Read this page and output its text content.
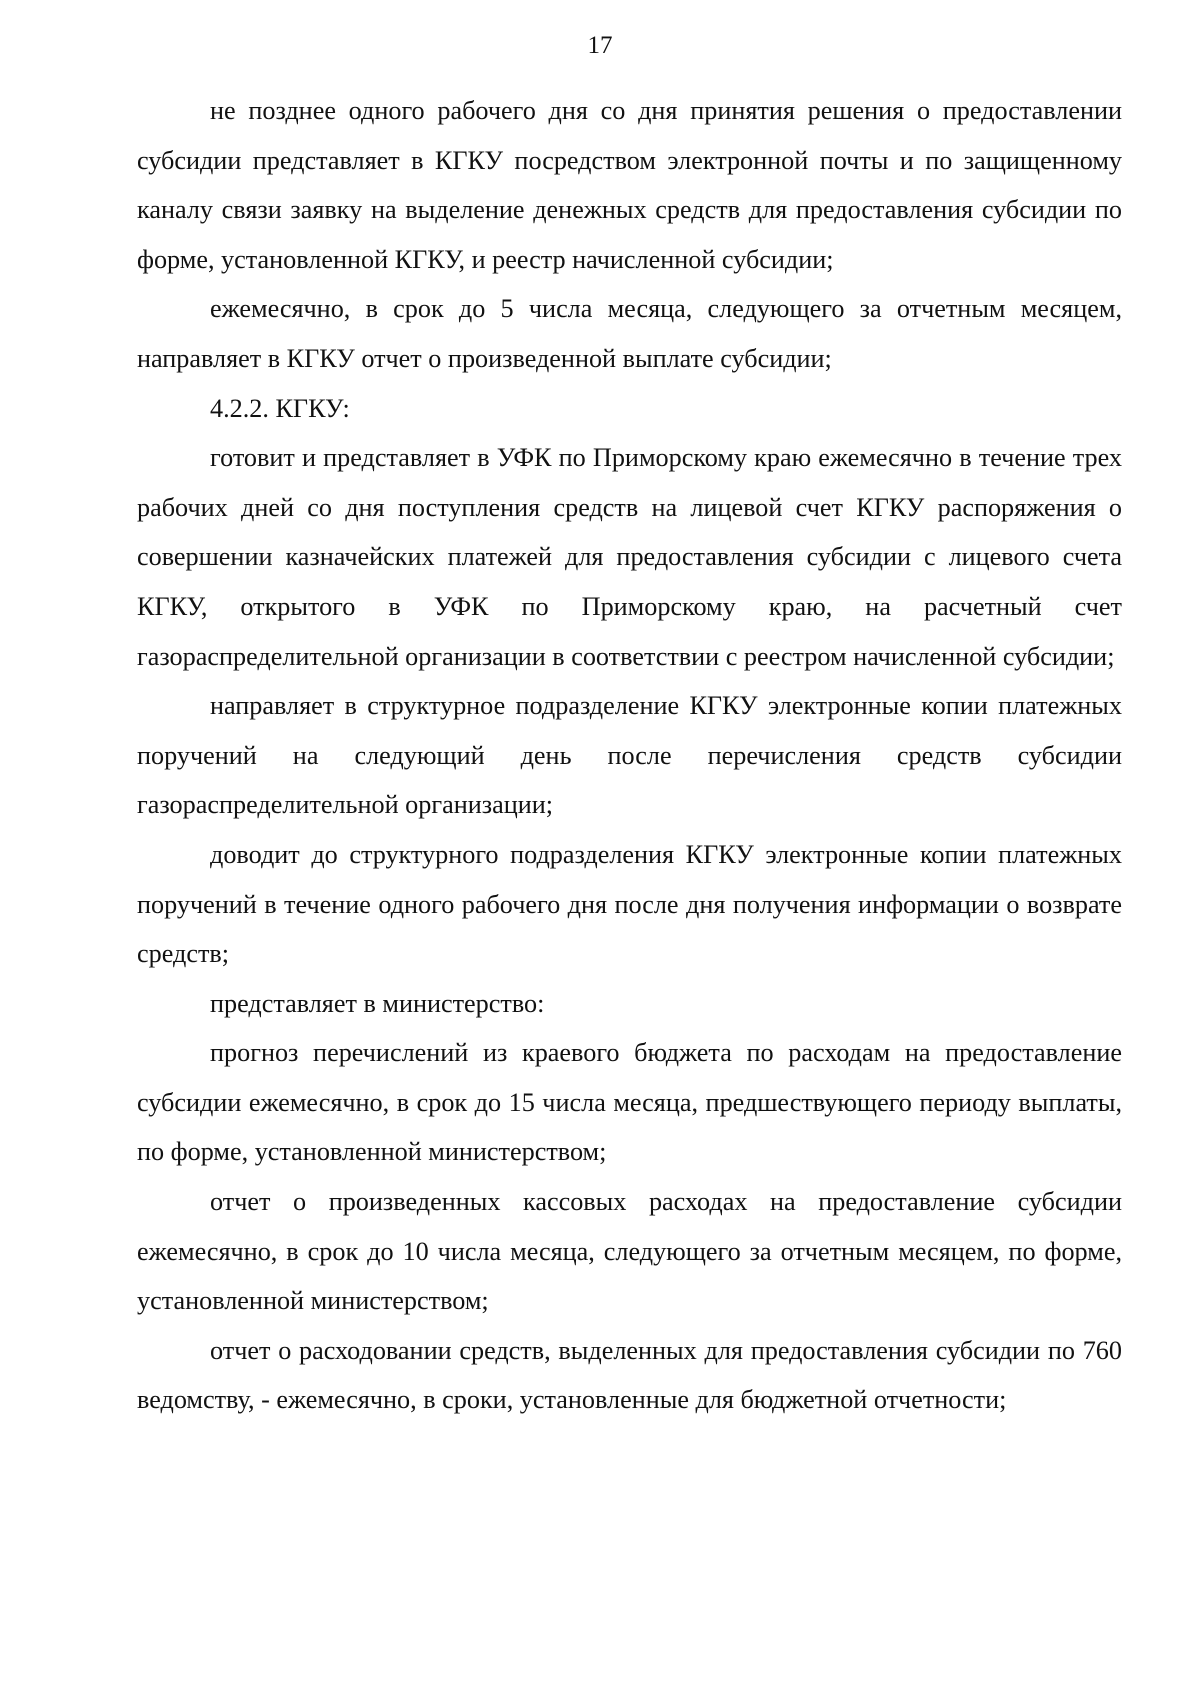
17

не позднее одного рабочего дня со дня принятия решения о предоставлении субсидии представляет в КГКУ посредством электронной почты и по защищенному каналу связи заявку на выделение денежных средств для предоставления субсидии по форме, установленной КГКУ, и реестр начисленной субсидии;

ежемесячно, в срок до 5 числа месяца, следующего за отчетным месяцем, направляет в КГКУ отчет о произведенной выплате субсидии;

4.2.2. КГКУ:

готовит и представляет в УФК по Приморскому краю ежемесячно в течение трех рабочих дней со дня поступления средств на лицевой счет КГКУ распоряжения о совершении казначейских платежей для предоставления субсидии с лицевого счета КГКУ, открытого в УФК по Приморскому краю, на расчетный счет газораспределительной организации в соответствии с реестром начисленной субсидии;

направляет в структурное подразделение КГКУ электронные копии платежных поручений на следующий день после перечисления средств субсидии газораспределительной организации;

доводит до структурного подразделения КГКУ электронные копии платежных поручений в течение одного рабочего дня после дня получения информации о возврате средств;

представляет в министерство:

прогноз перечислений из краевого бюджета по расходам на предоставление субсидии ежемесячно, в срок до 15 числа месяца, предшествующего периоду выплаты, по форме, установленной министерством;

отчет о произведенных кассовых расходах на предоставление субсидии ежемесячно, в срок до 10 числа месяца, следующего за отчетным месяцем, по форме, установленной министерством;

отчет о расходовании средств, выделенных для предоставления субсидии по 760 ведомству, - ежемесячно, в сроки, установленные для бюджетной отчетности;
